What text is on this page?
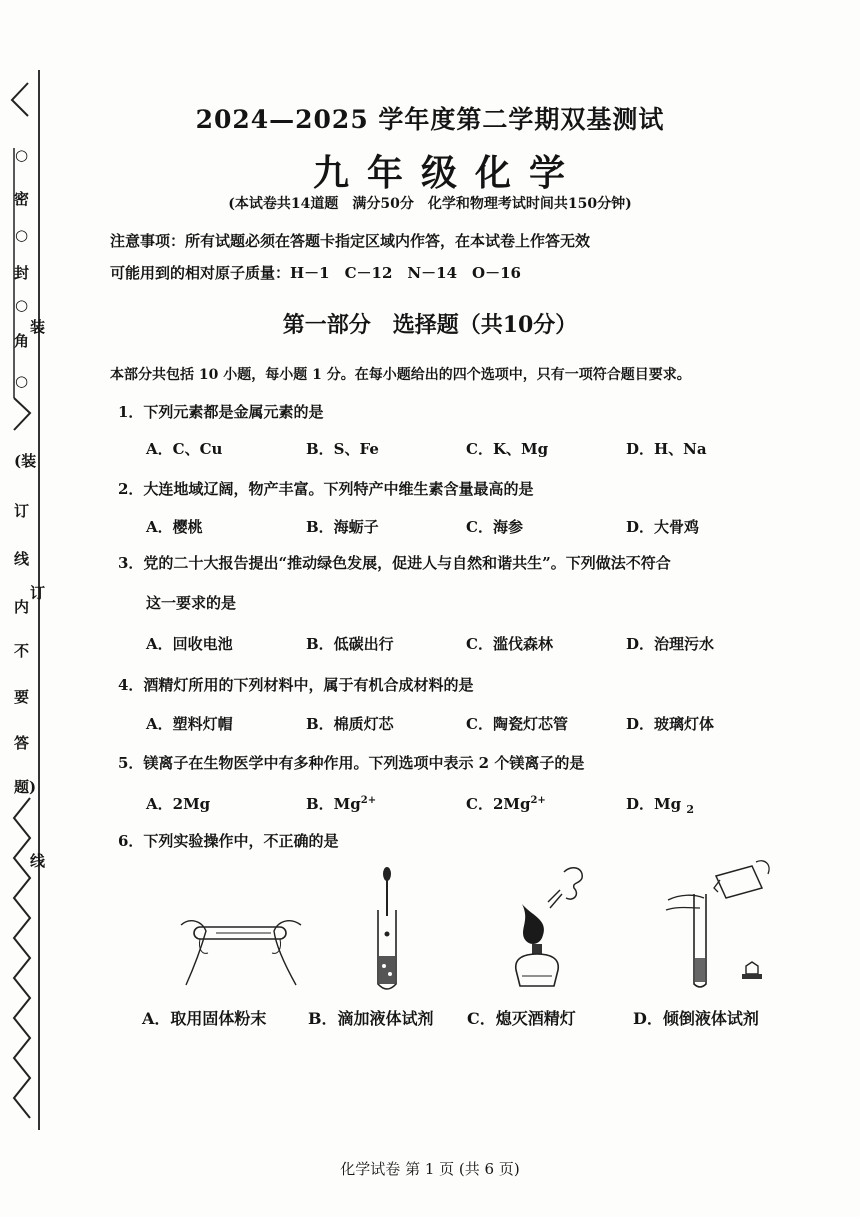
○
密
○
封
○
角
○
(装
订
线
内
不
要
答
题)
装
订
线
2024—2025 学年度第二学期双基测试
九年级化学
(本试卷共14道题　满分50分　化学和物理考试时间共150分钟)
注意事项：所有试题必须在答题卡指定区域内作答，在本试卷上作答无效
可能用到的相对原子质量：H－1　C－12　N－14　O－16
第一部分　选择题（共10分）
本部分共包括 10 小题，每小题 1 分。在每小题给出的四个选项中，只有一项符合题目要求。
1．下列元素都是金属元素的是
A．C、Cu	B．S、Fe	C．K、Mg	D．H、Na
2．大连地域辽阔，物产丰富。下列特产中维生素含量最高的是
A．樱桃	B．海蛎子	C．海参	D．大骨鸡
3．党的二十大报告提出“推动绿色发展，促进人与自然和谐共生”。下列做法不符合
这一要求的是
A．回收电池	B．低碳出行	C．滥伐森林	D．治理污水
4．酒精灯所用的下列材料中，属于有机合成材料的是
A．塑料灯帽	B．棉质灯芯	C．陶瓷灯芯管	D．玻璃灯体
5．镁离子在生物医学中有多种作用。下列选项中表示 2 个镁离子的是
A．2Mg	B．$Mg^{2+}$	C．$2Mg^{2+}$	D．Mg $_2$
6．下列实验操作中，不正确的是
A．取用固体粉末	B．滴加液体试剂 C．熄灭酒精灯	D．倾倒液体试剂
化学试卷 第 1 页 (共 6 页)
